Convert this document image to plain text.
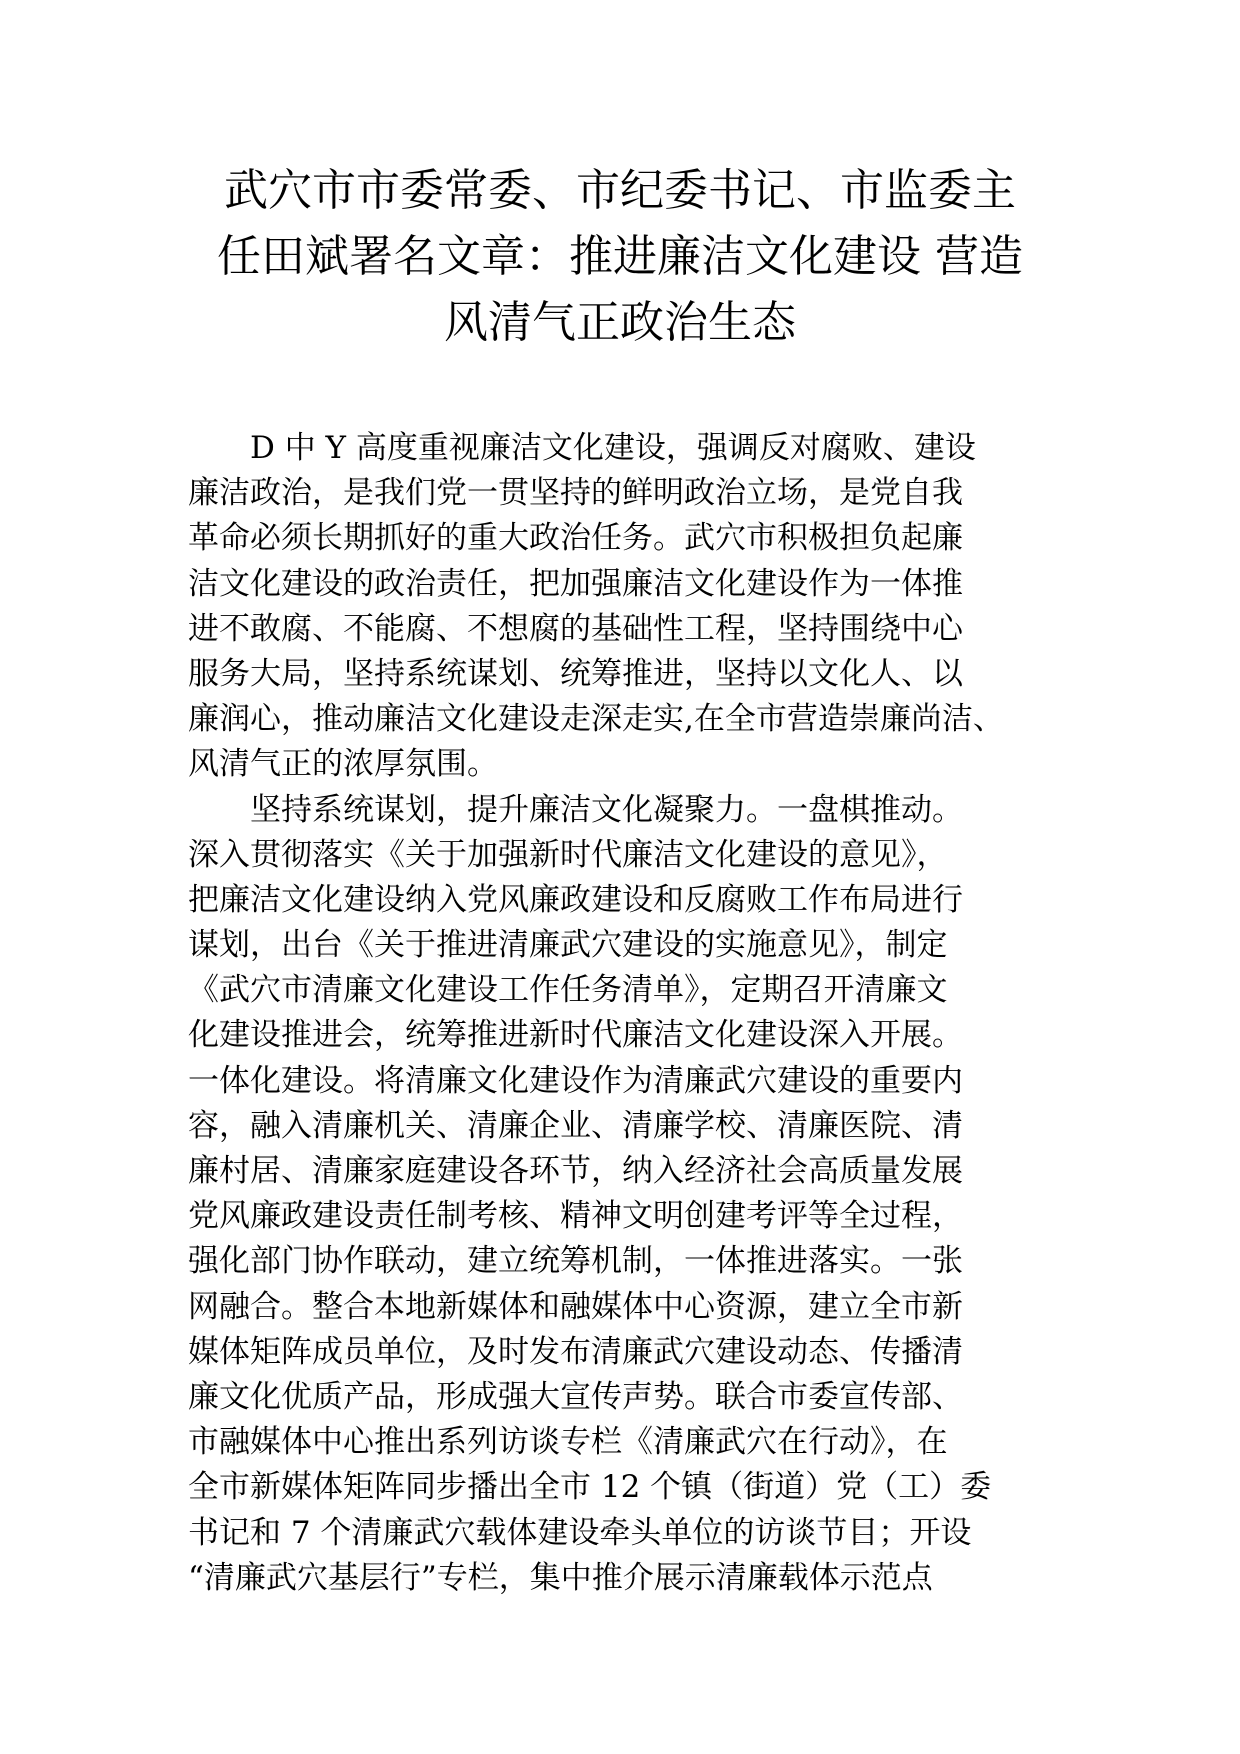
武穴市市委常委、市纪委书记、市监委主
任田斌署名文章：推进廉洁文化建设 营造
风清气正政治生态
D 中 Y 高度重视廉洁文化建设，强调反对腐败、建设
廉洁政治，是我们党一贯坚持的鲜明政治立场，是党自我
革命必须长期抓好的重大政治任务。武穴市积极担负起廉
洁文化建设的政治责任，把加强廉洁文化建设作为一体推
进不敢腐、不能腐、不想腐的基础性工程，坚持围绕中心
服务大局，坚持系统谋划、统筹推进，坚持以文化人、以
廉润心，推动廉洁文化建设走深走实,在全市营造崇廉尚洁、
风清气正的浓厚氛围。
坚持系统谋划，提升廉洁文化凝聚力。一盘棋推动。
深入贯彻落实《关于加强新时代廉洁文化建设的意见》，
把廉洁文化建设纳入党风廉政建设和反腐败工作布局进行
谋划，出台《关于推进清廉武穴建设的实施意见》，制定
《武穴市清廉文化建设工作任务清单》，定期召开清廉文
化建设推进会，统筹推进新时代廉洁文化建设深入开展。
一体化建设。将清廉文化建设作为清廉武穴建设的重要内
容，融入清廉机关、清廉企业、清廉学校、清廉医院、清
廉村居、清廉家庭建设各环节，纳入经济社会高质量发展
党风廉政建设责任制考核、精神文明创建考评等全过程，
强化部门协作联动，建立统筹机制，一体推进落实。一张
网融合。整合本地新媒体和融媒体中心资源，建立全市新
媒体矩阵成员单位，及时发布清廉武穴建设动态、传播清
廉文化优质产品，形成强大宣传声势。联合市委宣传部、
市融媒体中心推出系列访谈专栏《清廉武穴在行动》，在
全市新媒体矩阵同步播出全市 12 个镇（街道）党（工）委
书记和 7 个清廉武穴载体建设牵头单位的访谈节目；开设
“清廉武穴基层行”专栏，集中推介展示清廉载体示范点
